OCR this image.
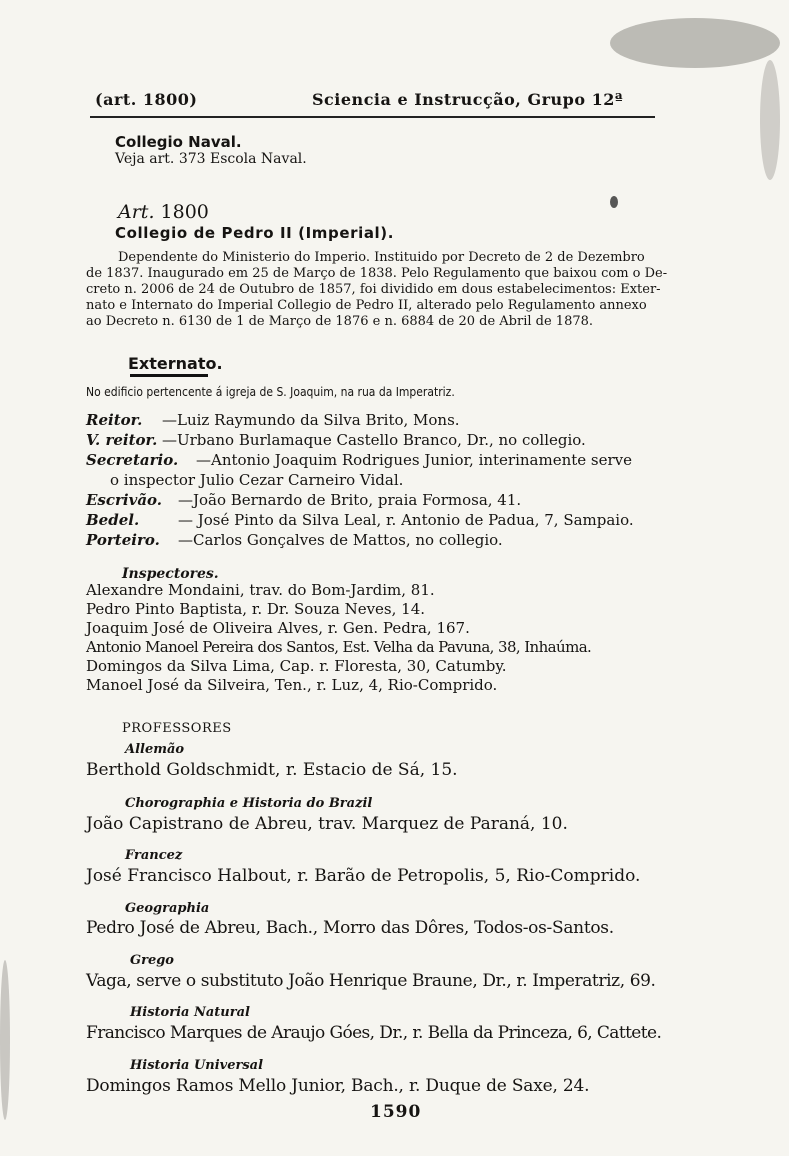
(art. 1800)	Sciencia e Instrucção, Grupo 12ª
Collegio Naval.
Veja art. 373 Escola Naval.
Art. 1800
Collegio de Pedro II (Imperial).
Dependente do Ministerio do Imperio. Instituido por Decreto de 2 de Dezembro
de 1837. Inaugurado em 25 de Março de 1838. Pelo Regulamento que baixou com o De-
creto n. 2006 de 24 de Outubro de 1857, foi dividido em dous estabelecimentos: Exter-
nato e Internato do Imperial Collegio de Pedro II, alterado pelo Regulamento annexo
ao Decreto n. 6130 de 1 de Março de 1876 e n. 6884 de 20 de Abril de 1878.
Externato.
No edificio pertencente á igreja de S. Joaquim, na rua da Imperatriz.
Reitor. —Luiz Raymundo da Silva Brito, Mons.
V. reitor. —Urbano Burlamaque Castello Branco, Dr., no collegio.
Secretario. —Antonio Joaquim Rodrigues Junior, interinamente serve
o inspector Julio Cezar Carneiro Vidal.
Escrivão. —João Bernardo de Brito, praia Formosa, 41.
Bedel.	— José Pinto da Silva Leal, r. Antonio de Padua, 7, Sampaio.
Porteiro. —Carlos Gonçalves de Mattos, no collegio.
Inspectores.
Alexandre Mondaini, trav. do Bom-Jardim, 81.
Pedro Pinto Baptista, r. Dr. Souza Neves, 14.
Joaquim José de Oliveira Alves, r. Gen. Pedra, 167.
Antonio Manoel Pereira dos Santos, Est. Velha da Pavuna, 38, Inhaúma.
Domingos da Silva Lima, Cap. r. Floresta, 30, Catumby.
Manoel José da Silveira, Ten., r. Luz, 4, Rio-Comprido.
PROFESSORES
Allemão
Berthold Goldschmidt, r. Estacio de Sá, 15.
Chorographia e Historia do Brazil
João Capistrano de Abreu, trav. Marquez de Paraná, 10.
Francez
José Francisco Halbout, r. Barão de Petropolis, 5, Rio-Comprido.
Geographia
Pedro José de Abreu, Bach., Morro das Dôres, Todos-os-Santos.
Grego
Vaga, serve o substituto João Henrique Braune, Dr., r. Imperatriz, 69.
Historia Natural
Francisco Marques de Araujo Góes, Dr., r. Bella da Princeza, 6, Cattete.
Historia Universal
Domingos Ramos Mello Junior, Bach., r. Duque de Saxe, 24.
1590
